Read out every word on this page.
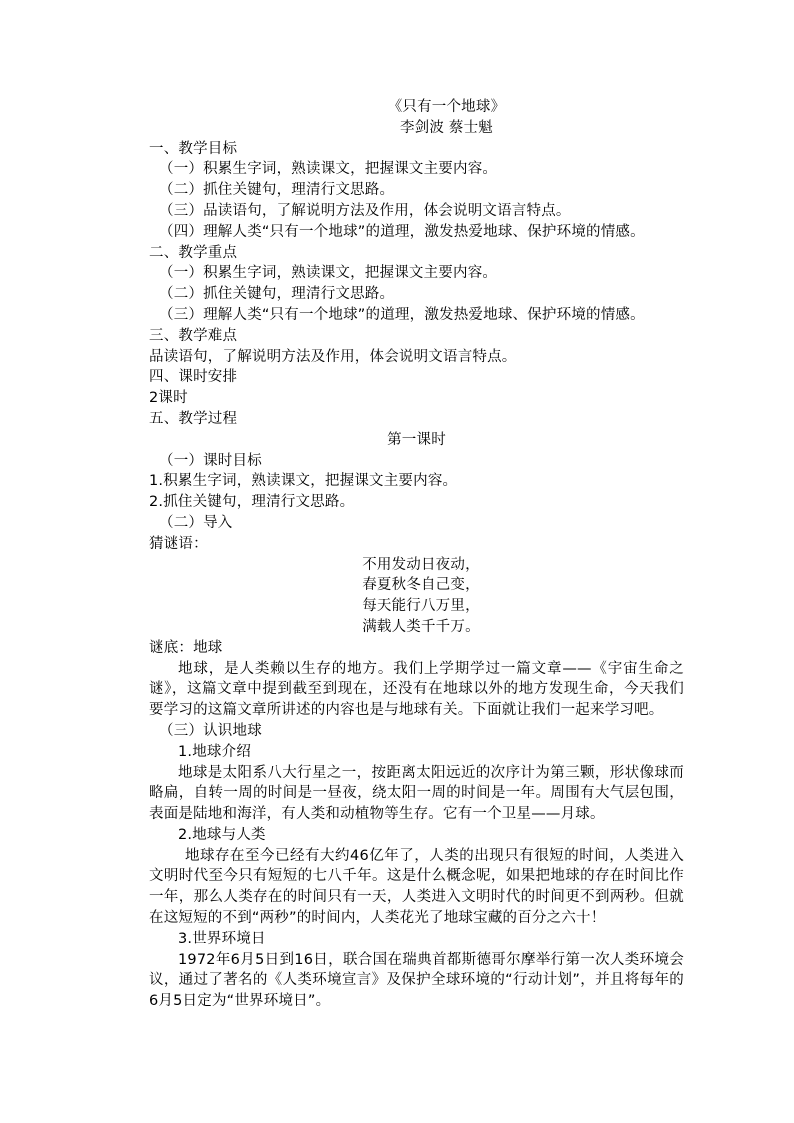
《只有一个地球》
李剑波 蔡士魁
一、教学目标
（一）积累生字词，熟读课文，把握课文主要内容。
（二）抓住关键句，理清行文思路。
（三）品读语句，了解说明方法及作用，体会说明文语言特点。
（四）理解人类“只有一个地球”的道理，激发热爱地球、保护环境的情感。
二、教学重点
（一）积累生字词，熟读课文，把握课文主要内容。
（二）抓住关键句，理清行文思路。
（三）理解人类“只有一个地球”的道理，激发热爱地球、保护环境的情感。
三、教学难点
品读语句，了解说明方法及作用，体会说明文语言特点。
四、课时安排
2课时
五、教学过程
第一课时
（一）课时目标
1.积累生字词，熟读课文，把握课文主要内容。
2.抓住关键句，理清行文思路。
（二）导入
猜谜语：
不用发动日夜动，
春夏秋冬自己变，
每天能行八万里，
满载人类千千万。
谜底：地球
地球，是人类赖以生存的地方。我们上学期学过一篇文章——《宇宙生命之谜》，这篇文章中提到截至到现在，还没有在地球以外的地方发现生命，今天我们要学习的这篇文章所讲述的内容也是与地球有关。下面就让我们一起来学习吧。
（三）认识地球
1.地球介绍
地球是太阳系八大行星之一，按距离太阳远近的次序计为第三颗，形状像球而略扁，自转一周的时间是一昼夜，绕太阳一周的时间是一年。周围有大气层包围，表面是陆地和海洋，有人类和动植物等生存。它有一个卫星——月球。
2.地球与人类
地球存在至今已经有大约46亿年了，人类的出现只有很短的时间，人类进入文明时代至今只有短短的七八千年。这是什么概念呢，如果把地球的存在时间比作一年，那么人类存在的时间只有一天，人类进入文明时代的时间更不到两秒。但就在这短短的不到“两秒”的时间内，人类花光了地球宝藏的百分之六十！
3.世界环境日
1972年6月5日到16日，联合国在瑞典首都斯德哥尔摩举行第一次人类环境会议，通过了著名的《人类环境宣言》及保护全球环境的“行动计划”，并且将每年的6月5日定为“世界环境日”。
